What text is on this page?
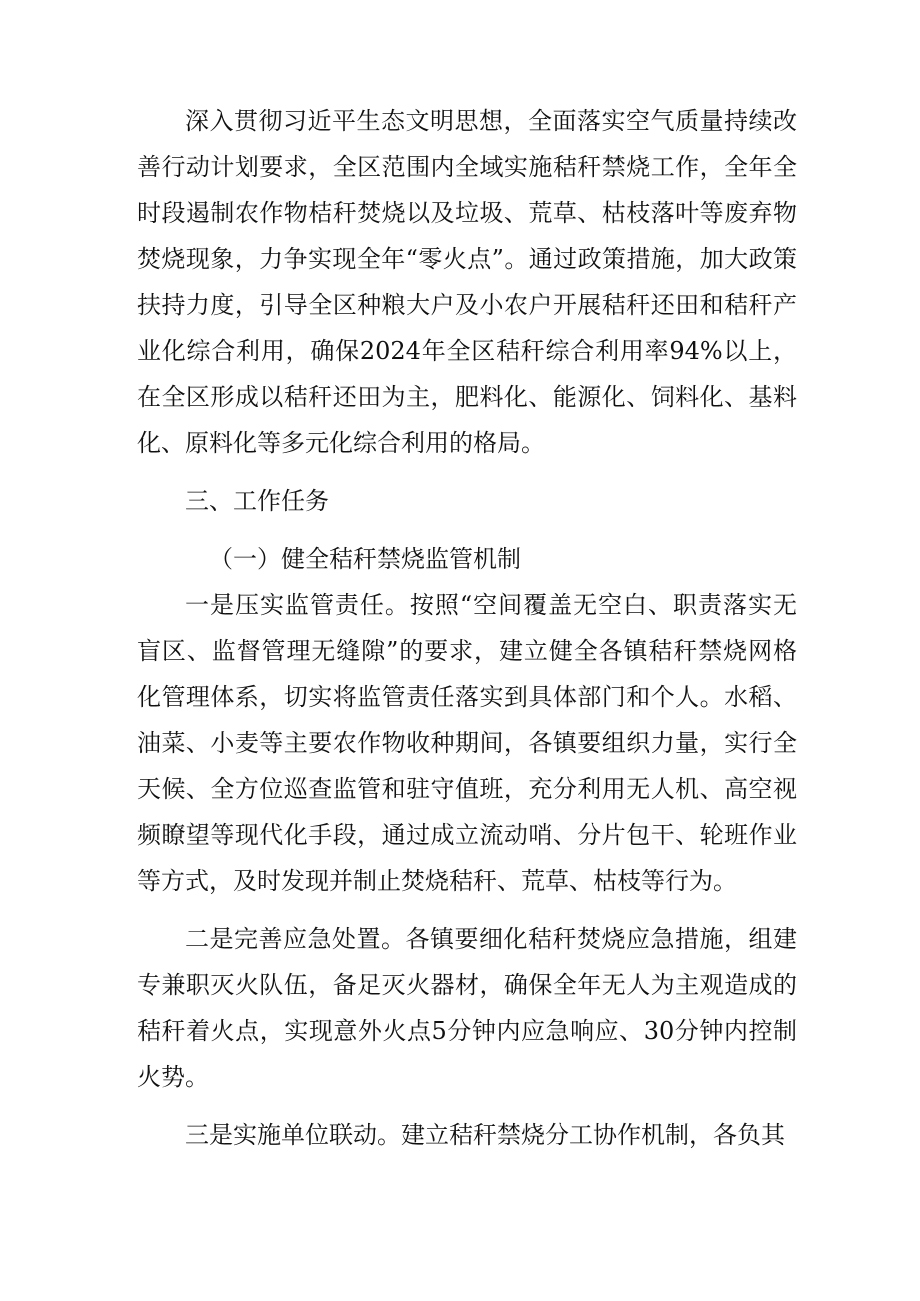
深入贯彻习近平生态文明思想，全面落实空气质量持续改善行动计划要求，全区范围内全域实施秸秆禁烧工作，全年全时段遏制农作物桔秆焚烧以及垃圾、荒草、枯枝落叶等废弃物焚烧现象，力争实现全年“零火点”。通过政策措施，加大政策扶持力度，引导全区种粮大户及小农户开展秸秆还田和秸秆产业化综合利用，确保2024年全区秸秆综合利用率94%以上，在全区形成以秸秆还田为主，肥料化、能源化、饲料化、基料化、原料化等多元化综合利用的格局。

三、工作任务

（一）健全秸秆禁烧监管机制

一是压实监管责任。按照“空间覆盖无空白、职责落实无盲区、监督管理无缝隙”的要求，建立健全各镇秸秆禁烧网格化管理体系，切实将监管责任落实到具体部门和个人。水稻、油菜、小麦等主要农作物收种期间，各镇要组织力量，实行全天候、全方位巡查监管和驻守值班，充分利用无人机、高空视频瞭望等现代化手段，通过成立流动哨、分片包干、轮班作业等方式，及时发现并制止焚烧秸秆、荒草、枯枝等行为。

二是完善应急处置。各镇要细化秸秆焚烧应急措施，组建专兼职灭火队伍，备足灭火器材，确保全年无人为主观造成的秸秆着火点，实现意外火点5分钟内应急响应、30分钟内控制火势。

三是实施单位联动。建立秸秆禁烧分工协作机制，各负其
